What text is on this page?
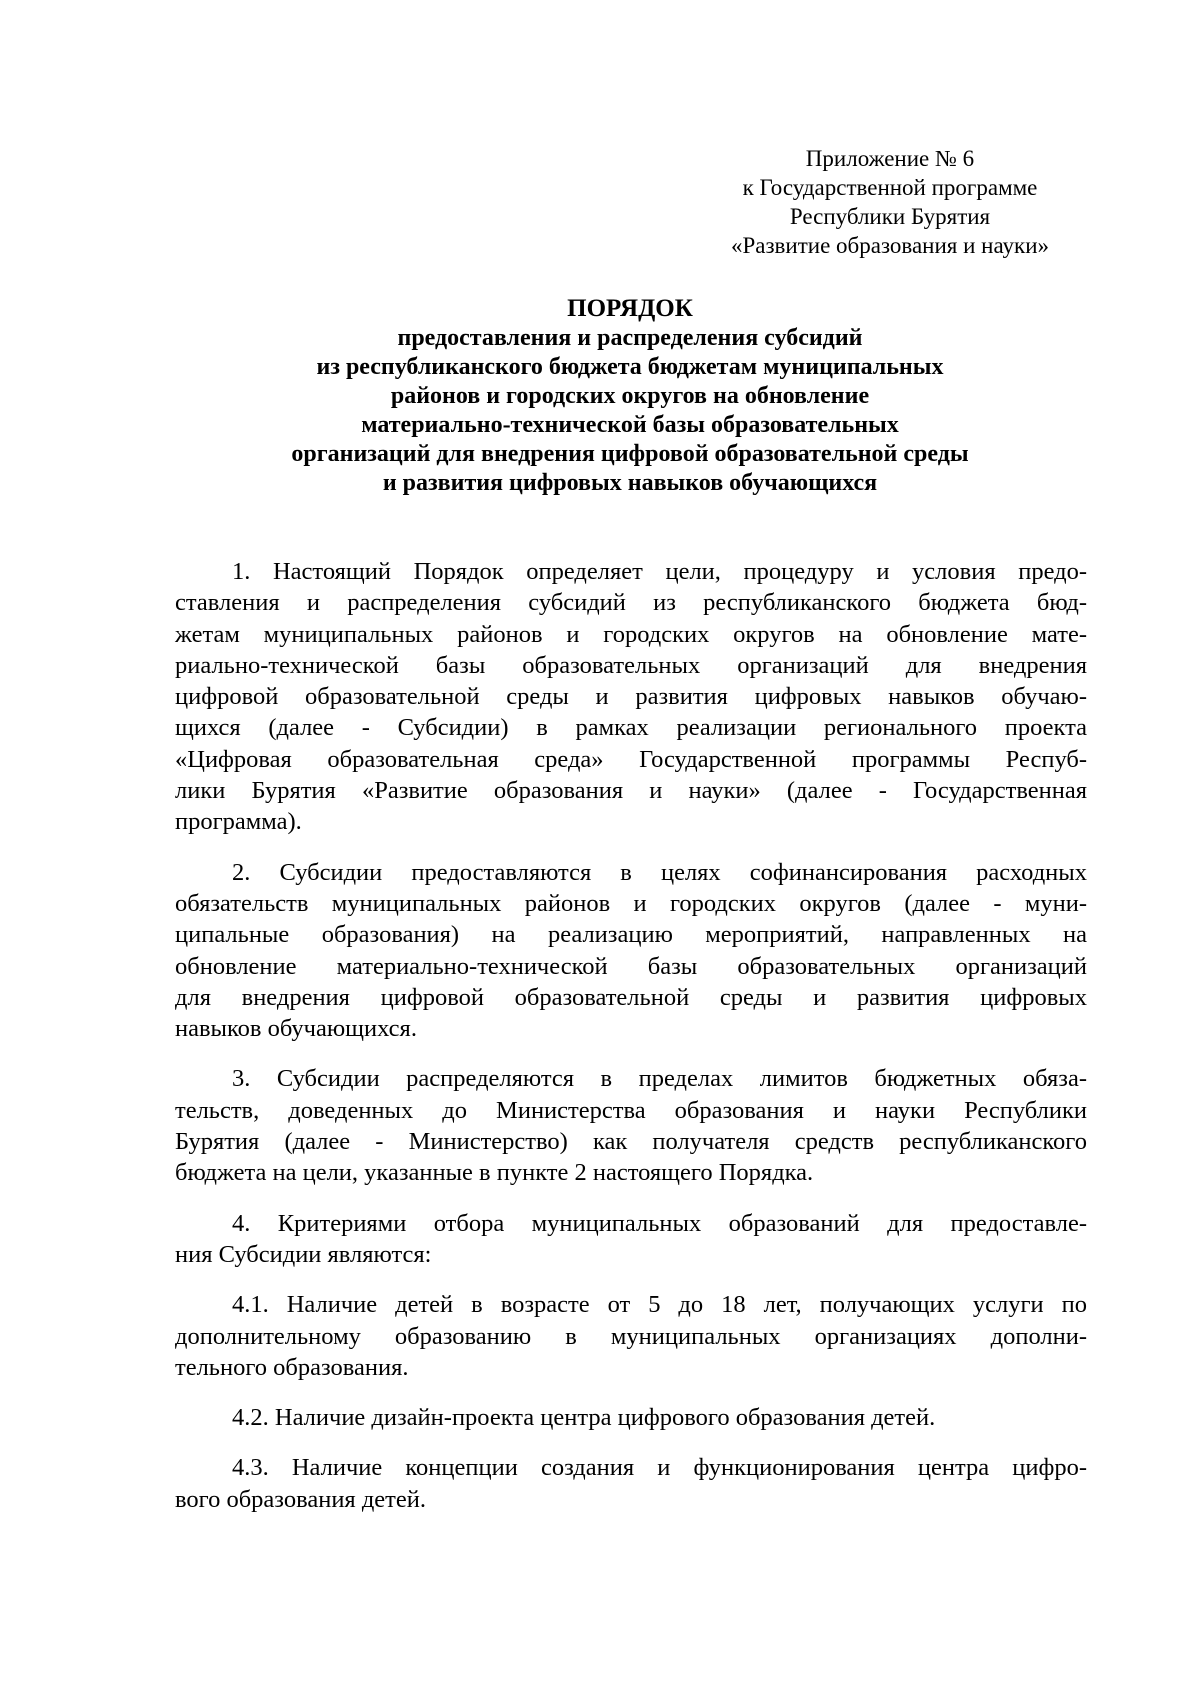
Приложение № 6
к Государственной программе
Республики Бурятия
«Развитие образования и науки»
ПОРЯДОК
предоставления и распределения субсидий
из республиканского бюджета бюджетам муниципальных
районов и городских округов на обновление
материально-технической базы образовательных
организаций для внедрения цифровой образовательной среды
и развития цифровых навыков обучающихся
1. Настоящий Порядок определяет цели, процедуру и условия предо-
ставления и распределения субсидий из республиканского бюджета бюд-
жетам муниципальных районов и городских округов на обновление мате-
риально-технической базы образовательных организаций для внедрения
цифровой образовательной среды и развития цифровых навыков обучаю-
щихся (далее - Субсидии) в рамках реализации регионального проекта
«Цифровая образовательная среда» Государственной программы Респуб-
лики Бурятия «Развитие образования и науки» (далее - Государственная
программа).
2. Субсидии предоставляются в целях софинансирования расходных
обязательств муниципальных районов и городских округов (далее - муни-
ципальные образования) на реализацию мероприятий, направленных на
обновление материально-технической базы образовательных организаций
для внедрения цифровой образовательной среды и развития цифровых
навыков обучающихся.
3. Субсидии распределяются в пределах лимитов бюджетных обяза-
тельств, доведенных до Министерства образования и науки Республики
Бурятия (далее - Министерство) как получателя средств республиканского
бюджета на цели, указанные в пункте 2 настоящего Порядка.
4. Критериями отбора муниципальных образований для предоставле-
ния Субсидии являются:
4.1. Наличие детей в возрасте от 5 до 18 лет, получающих услуги по
дополнительному образованию в муниципальных организациях дополни-
тельного образования.
4.2. Наличие дизайн-проекта центра цифрового образования детей.
4.3. Наличие концепции создания и функционирования центра цифро-
вого образования детей.
